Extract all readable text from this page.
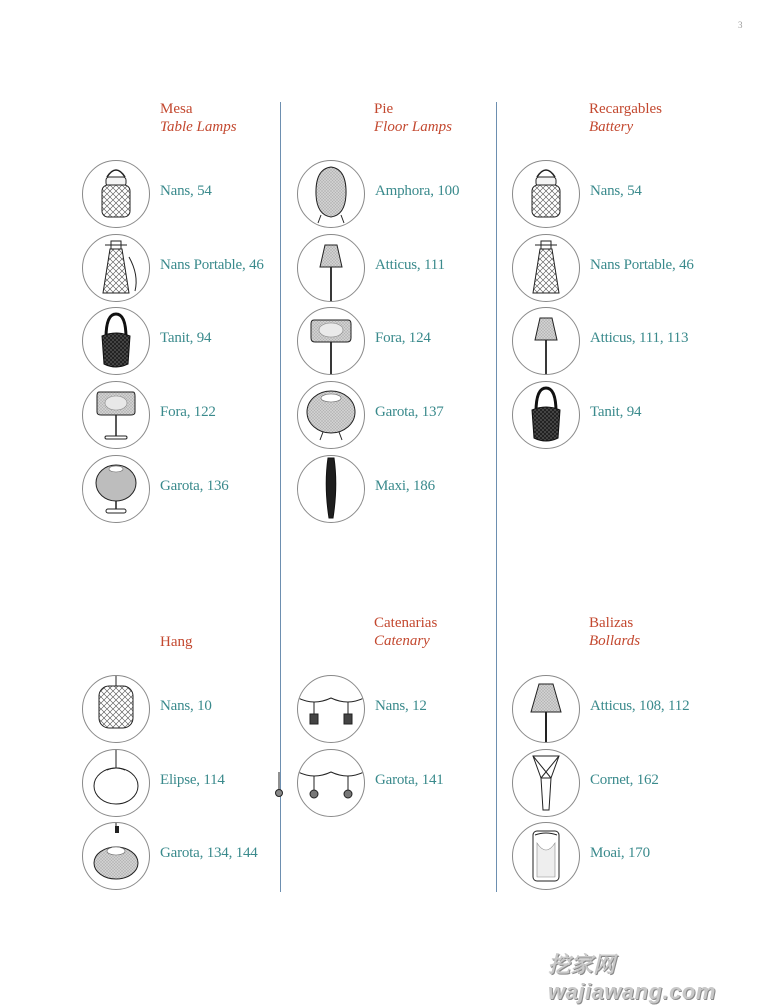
3
Mesa
Table Lamps
Nans, 54
Nans Portable, 46
Tanit, 94
Fora, 122
Garota, 136
Pie
Floor Lamps
Amphora, 100
Atticus, 111
Fora, 124
Garota, 137
Maxi, 186
Recargables
Battery
Nans, 54
Nans Portable, 46
Atticus, 111, 113
Tanit, 94
Hang
Nans, 10
Elipse, 114
Garota, 134, 144
Catenarias
Catenary
Nans, 12
Garota, 141
Balizas
Bollards
Atticus, 108, 112
Cornet, 162
Moai, 170
挖家网 wajiawang.com
